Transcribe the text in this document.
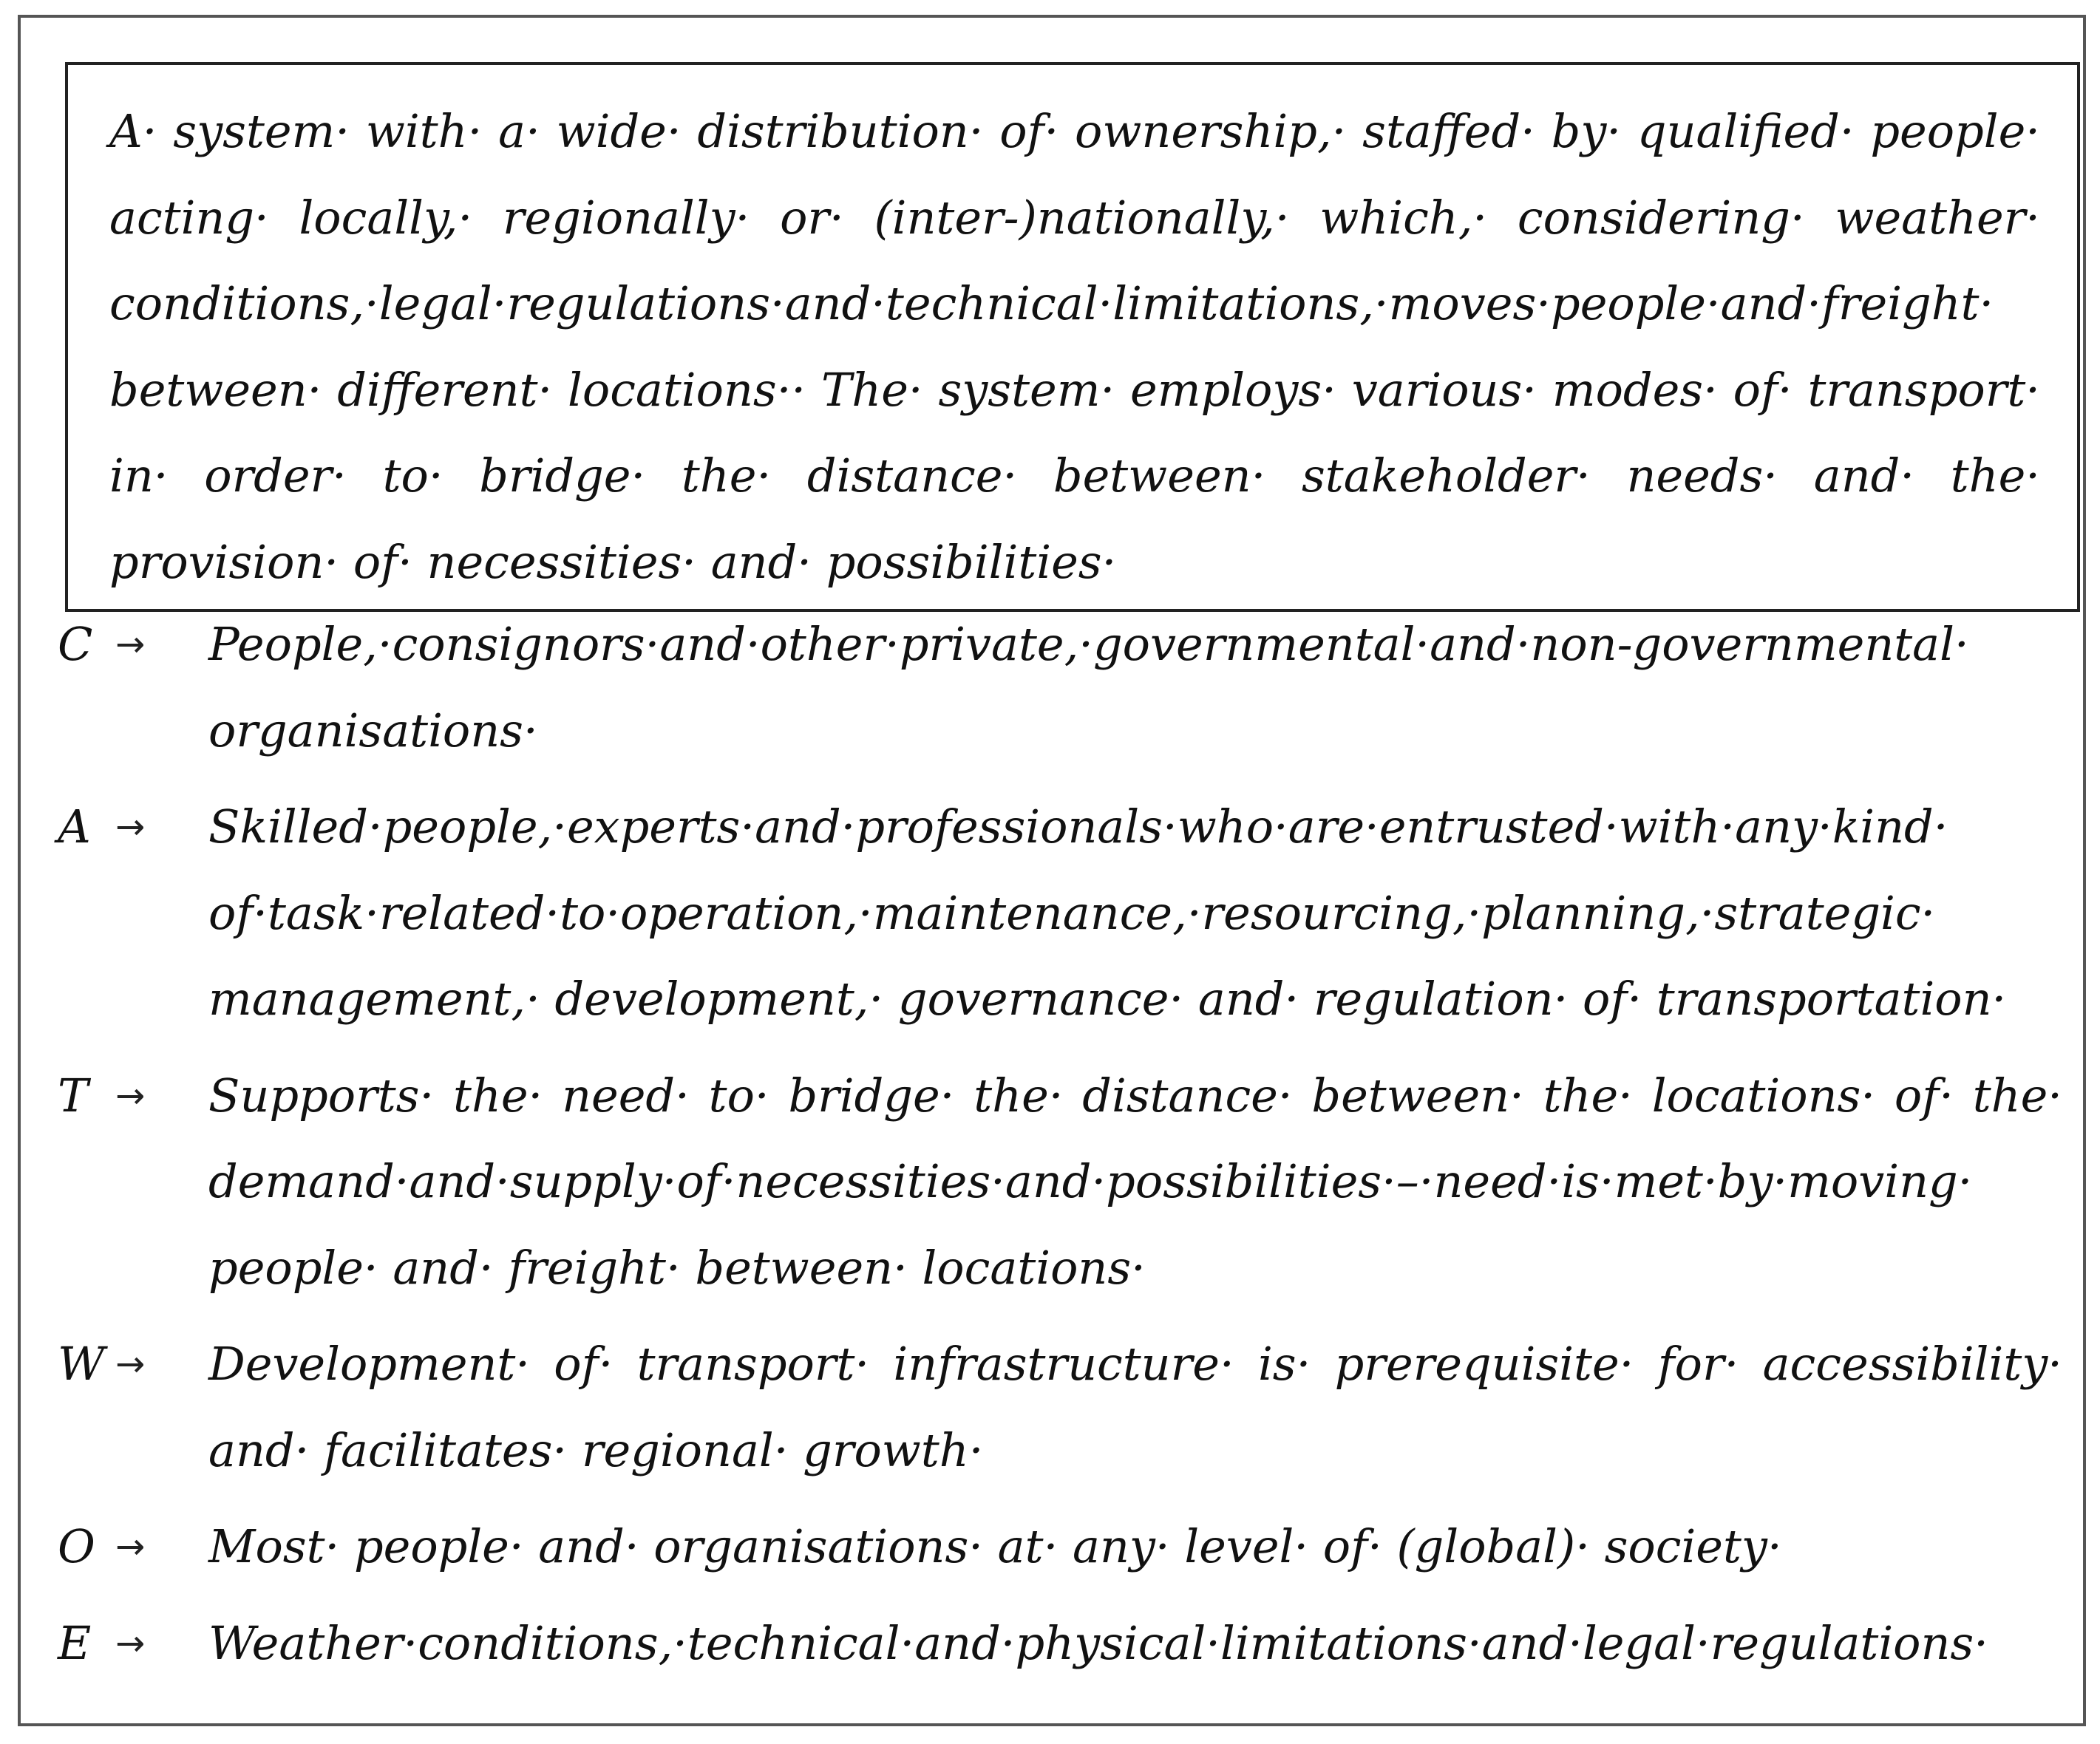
A· system· with· a· wide· distribution· of· ownership,· staffed· by· qualified· people· acting· locally,· regionally· or· (inter-)nationally,· which,· considering· weather· conditions,·legal·regulations·and·technical·limitations,·moves·people·and·freight· between· different· locations·· The· system· employs· various· modes· of· transport· in· order· to· bridge· the· distance· between· stakeholder· needs· and· the· provision· of· necessities· and· possibilities·

C →	People,·consignors·and·other·private,·governmental·and·non-governmental· organisations·

A →	Skilled·people,·experts·and·professionals·who·are·entrusted·with·any·kind· of·task·related·to·operation,·maintenance,·resourcing,·planning,·strategic· management,· development,· governance· and· regulation· of· transportation·

T →	Supports· the· need· to· bridge· the· distance· between· the· locations· of· the· demand·and·supply·of·necessities·and·possibilities·–·need·is·met·by·moving· people· and· freight· between· locations·

W →	Development· of· transport· infrastructure· is· prerequisite· for· accessibility· and· facilitates· regional· growth·

O →	Most· people· and· organisations· at· any· level· of· (global)· society·

E →	Weather·conditions,·technical·and·physical·limitations·and·legal·regulations·
